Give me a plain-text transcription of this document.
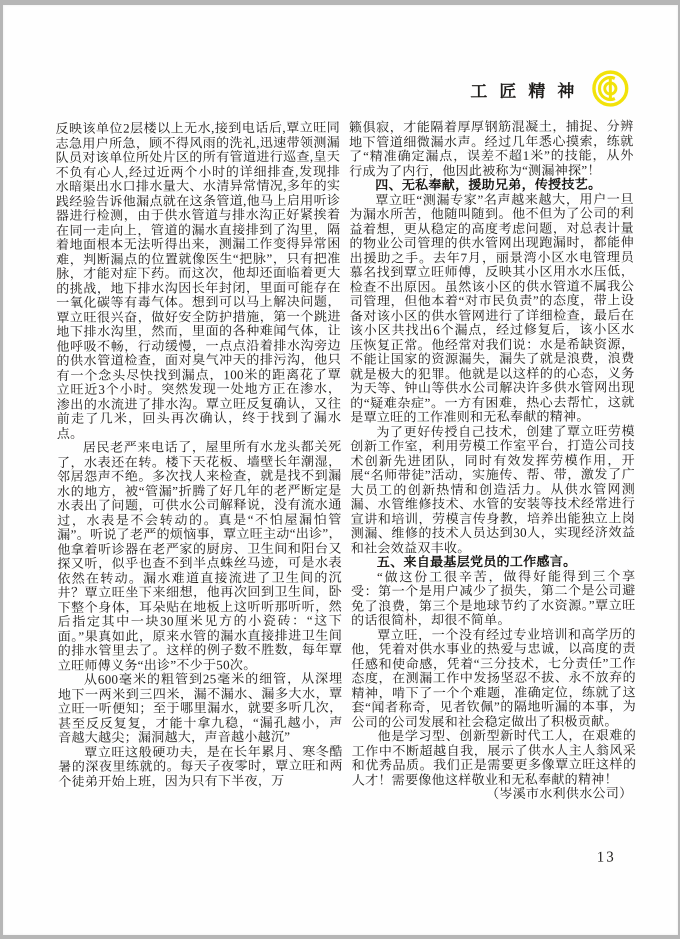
工匠精神

反映该单位2层楼以上无水,接到电话后,覃立旺同志急用户所急，顾不得风雨的洗礼,迅速带领测漏队员对该单位所处片区的所有管道进行巡查,皇天不负有心人,经过近两个小时的详细排查,发现排水暗渠出水口排水量大、水清异常情况,多年的实践经验告诉他漏点就在这条管道,他马上启用听诊器进行检测，由于供水管道与排水沟正好紧挨着在同一走向上，管道的漏水直接排到了沟里，隔着地面根本无法听得出来，测漏工作变得异常困难，判断漏点的位置就像医生“把脉”，只有把准脉，才能对症下药。而这次，他却还面临着更大的挑战，地下排水沟因长年封闭，里面可能存在一氧化碳等有毒气体。想到可以马上解决问题，覃立旺很兴奋，做好安全防护措施，第一个跳进地下排水沟里，然而，里面的各种难闻气体，让他呼吸不畅，行动缓慢，一点点沿着排水沟旁边的供水管道检查，面对臭气冲天的排污沟，他只有一个念头尽快找到漏点，100米的距离花了覃立旺近3个小时。突然发现一处地方正在渗水，渗出的水流进了排水沟。覃立旺反复确认，又往前走了几米，回头再次确认，终于找到了漏水点。

居民老严来电话了，屋里所有水龙头都关死了，水表还在转。楼下天花板、墙壁长年潮湿，邻居怨声不绝。多次找人来检查，就是找不到漏水的地方，被“管漏”折腾了好几年的老严断定是水表出了问题，可供水公司解释说，没有流水通过，水表是不会转动的。真是“不怕屋漏怕管漏”。听说了老严的烦恼事，覃立旺主动“出诊”，他拿着听诊器在老严家的厨房、卫生间和阳台又探又听，似乎也查不到半点蛛丝马迹，可是水表依然在转动。漏水难道直接流进了卫生间的沉井？覃立旺坐下来细想，他再次回到卫生间，卧下整个身体，耳朵贴在地板上这听听那听听，然后指定其中一块30厘米见方的小瓷砖：“这下面。”果真如此，原来水管的漏水直接排进卫生间的排水管里去了。这样的例子数不胜数，每年覃立旺师傅义务“出诊”不少于50次。

从600毫米的粗管到25毫米的细管，从深埋地下一两米到三四米，漏不漏水、漏多大水，覃立旺一听便知；至于哪里漏水，就要多听几次，甚至反反复复，才能十拿九稳，“漏孔越小，声音越大越尖；漏洞越大，声音越小越沉”

覃立旺这般硬功夫，是在长年累月、寒冬酷暑的深夜里练就的。每天子夜零时，覃立旺和两个徒弟开始上班，因为只有下半夜，万

籁俱寂，才能隔着厚厚钢筋混凝土，捕捉、分辨地下管道细微漏水声。经过几年悉心摸索，练就了“精准确定漏点，误差不超1米”的技能，从外行成为了内行，他因此被称为“测漏神探”！

四、无私奉献，援助兄弟，传授技艺。

覃立旺“测漏专家”名声越来越大，用户一旦为漏水所苦，他随叫随到。他不但为了公司的利益着想，更从稳定的高度考虑问题，对总表计量的物业公司管理的供水管网出现跑漏时，都能伸出援助之手。去年7月，丽景湾小区水电管理员慕名找到覃立旺师傅，反映其小区用水水压低，检查不出原因。虽然该小区的供水管道不属我公司管理，但他本着“对市民负责”的态度，带上设备对该小区的供水管网进行了详细检查，最后在该小区共找出6个漏点，经过修复后，该小区水压恢复正常。他经常对我们说：水是希缺资源，不能让国家的资源漏失，漏失了就是浪费，浪费就是极大的犯罪。他就是以这样的的心态，义务为天等、钟山等供水公司解决许多供水管网出现的“疑难杂症”。一方有困难，热心去帮忙，这就是覃立旺的工作准则和无私奉献的精神。

为了更好传授自己技术，创建了覃立旺劳模创新工作室，利用劳模工作室平台，打造公司技术创新先进团队，同时有效发挥劳模作用，开展“名师带徒”活动，实施传、帮、带，激发了广大员工的创新热情和创造活力。从供水管网测漏、水管维修技术、水管的安装等技术经常进行宣讲和培训，劳模言传身教，培养出能独立上岗测漏、维修的技术人员达到30人，实现经济效益和社会效益双丰收。

五、来自最基层党员的工作感言。

“做这份工很辛苦，做得好能得到三个享受：第一个是用户减少了损失，第二个是公司避免了浪费，第三个是地球节约了水资源。”覃立旺的话很简朴，却很不简单。

覃立旺，一个没有经过专业培训和高学历的他，凭着对供水事业的热爱与忠诚，以高度的责任感和使命感，凭着“三分技术，七分责任”工作态度，在测漏工作中发扬坚忍不拔、永不放弃的精神，啃下了一个个难题，准确定位，练就了这套“闻者称奇，见者钦佩”的隔地听漏的本事，为公司的公司发展和社会稳定做出了积极贡献。

他是学习型、创新型新时代工人，在艰难的工作中不断超越自我，展示了供水人主人翁风采和优秀品质。我们正是需要更多像覃立旺这样的人才！需要像他这样敬业和无私奉献的精神！

（岑溪市水利供水公司）

13
